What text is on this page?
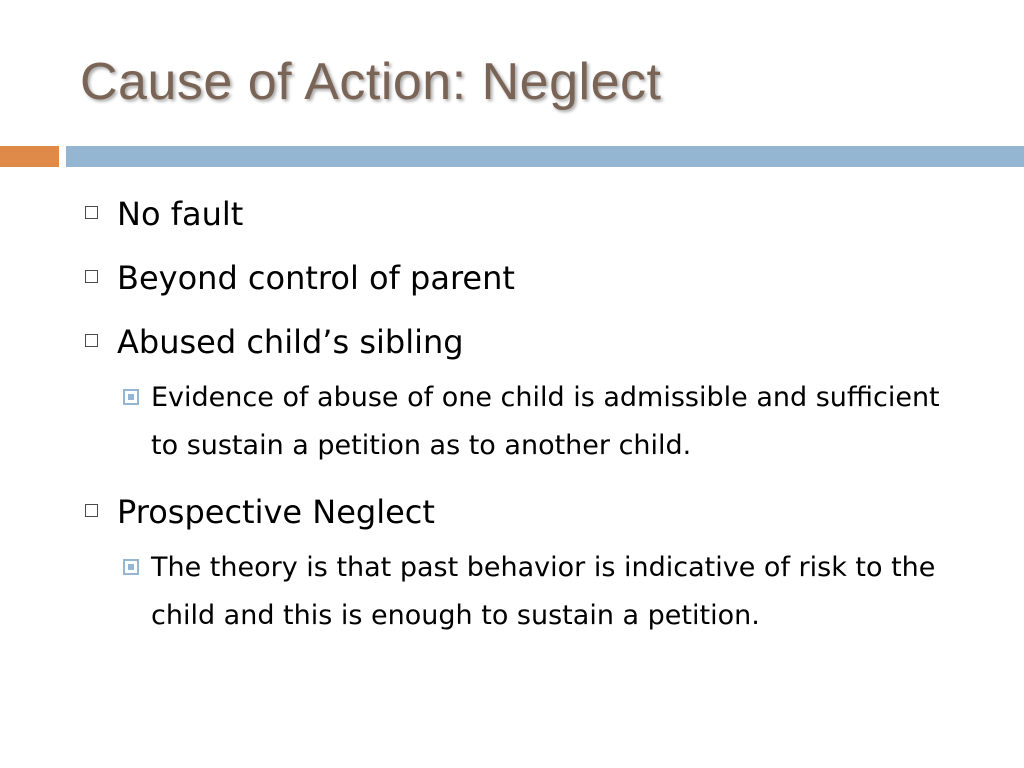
Cause of Action: Neglect
No fault
Beyond control of parent
Abused child’s sibling
Evidence of abuse of one child is admissible and sufficient to sustain a petition as to another child.
Prospective Neglect
The theory is that past behavior is indicative of risk to the child and this is enough to sustain a petition.
